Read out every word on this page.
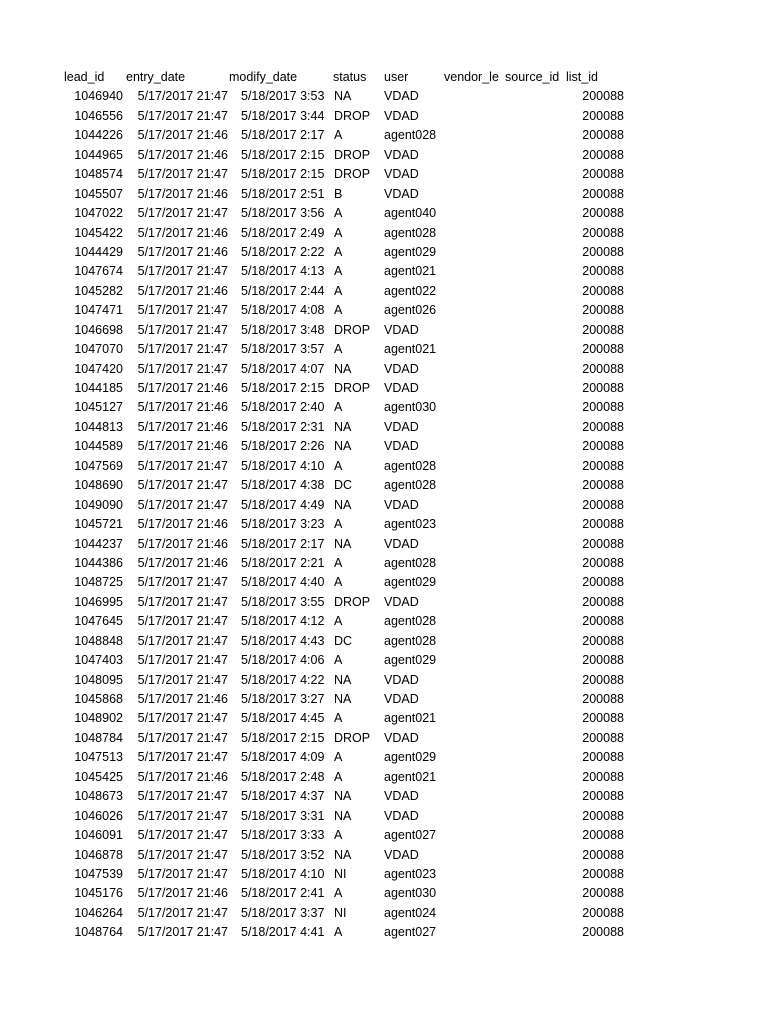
lead_id entry_date	modify_date	status user	vendor_le source_id list_id
1046940 5/17/2017 21:47 5/18/2017 3:53 NA	VDAD	200088
1046556 5/17/2017 21:47 5/18/2017 3:44 DROP VDAD	200088
1044226 5/17/2017 21:46 5/18/2017 2:17 A	agent028	200088
1044965 5/17/2017 21:46 5/18/2017 2:15 DROP VDAD	200088
1048574 5/17/2017 21:47 5/18/2017 2:15 DROP VDAD	200088
1045507 5/17/2017 21:46 5/18/2017 2:51 B	VDAD	200088
1047022 5/17/2017 21:47 5/18/2017 3:56 A	agent040	200088
1045422 5/17/2017 21:46 5/18/2017 2:49 A	agent028	200088
1044429 5/17/2017 21:46 5/18/2017 2:22 A	agent029	200088
1047674 5/17/2017 21:47 5/18/2017 4:13 A	agent021	200088
1045282 5/17/2017 21:46 5/18/2017 2:44 A	agent022	200088
1047471 5/17/2017 21:47 5/18/2017 4:08 A	agent026	200088
1046698 5/17/2017 21:47 5/18/2017 3:48 DROP VDAD	200088
1047070 5/17/2017 21:47 5/18/2017 3:57 A	agent021	200088
1047420 5/17/2017 21:47 5/18/2017 4:07 NA	VDAD	200088
1044185 5/17/2017 21:46 5/18/2017 2:15 DROP VDAD	200088
1045127 5/17/2017 21:46 5/18/2017 2:40 A	agent030	200088
1044813 5/17/2017 21:46 5/18/2017 2:31 NA	VDAD	200088
1044589 5/17/2017 21:46 5/18/2017 2:26 NA	VDAD	200088
1047569 5/17/2017 21:47 5/18/2017 4:10 A	agent028	200088
1048690 5/17/2017 21:47 5/18/2017 4:38 DC	agent028	200088
1049090 5/17/2017 21:47 5/18/2017 4:49 NA	VDAD	200088
1045721 5/17/2017 21:46 5/18/2017 3:23 A	agent023	200088
1044237 5/17/2017 21:46 5/18/2017 2:17 NA	VDAD	200088
1044386 5/17/2017 21:46 5/18/2017 2:21 A	agent028	200088
1048725 5/17/2017 21:47 5/18/2017 4:40 A	agent029	200088
1046995 5/17/2017 21:47 5/18/2017 3:55 DROP VDAD	200088
1047645 5/17/2017 21:47 5/18/2017 4:12 A	agent028	200088
1048848 5/17/2017 21:47 5/18/2017 4:43 DC	agent028	200088
1047403 5/17/2017 21:47 5/18/2017 4:06 A	agent029	200088
1048095 5/17/2017 21:47 5/18/2017 4:22 NA	VDAD	200088
1045868 5/17/2017 21:46 5/18/2017 3:27 NA	VDAD	200088
1048902 5/17/2017 21:47 5/18/2017 4:45 A	agent021	200088
1048784 5/17/2017 21:47 5/18/2017 2:15 DROP VDAD	200088
1047513 5/17/2017 21:47 5/18/2017 4:09 A	agent029	200088
1045425 5/17/2017 21:46 5/18/2017 2:48 A	agent021	200088
1048673 5/17/2017 21:47 5/18/2017 4:37 NA	VDAD	200088
1046026 5/17/2017 21:47 5/18/2017 3:31 NA	VDAD	200088
1046091 5/17/2017 21:47 5/18/2017 3:33 A	agent027	200088
1046878 5/17/2017 21:47 5/18/2017 3:52 NA	VDAD	200088
1047539 5/17/2017 21:47 5/18/2017 4:10 NI	agent023	200088
1045176 5/17/2017 21:46 5/18/2017 2:41 A	agent030	200088
1046264 5/17/2017 21:47 5/18/2017 3:37 NI	agent024	200088
1048764 5/17/2017 21:47 5/18/2017 4:41 A	agent027	200088
